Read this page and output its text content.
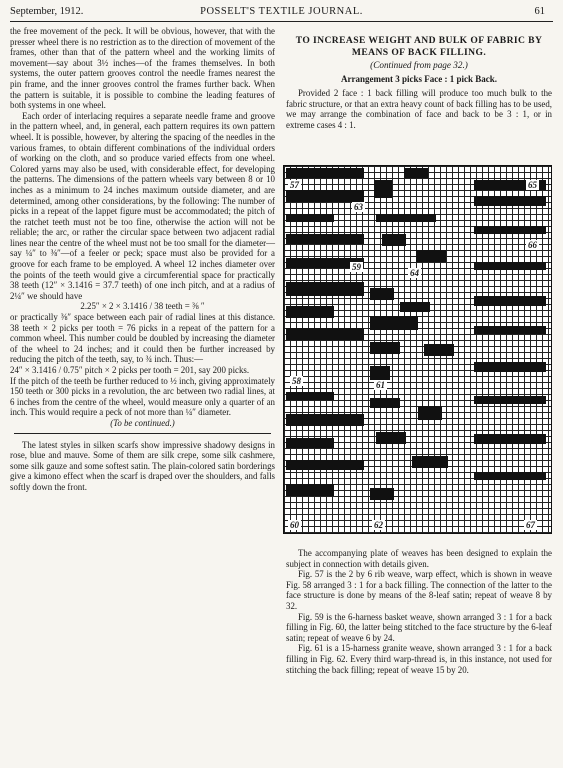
September, 1912.	POSSELT'S TEXTILE JOURNAL.	61

the free movement of the peck. It will be obvious, however, that with the presser wheel there is no restriction as to the direction of movement of the frames, other than that of the pattern wheel and the working limits of movement—say about 3½ inches—of the frames themselves. In both systems, the outer pattern grooves control the needle frames nearest the pin frame, and the inner grooves control the frames further back. When the pattern is suitable, it is possible to combine the leading features of both systems in one wheel.

Each order of interlacing requires a separate needle frame and groove in the pattern wheel, and, in general, each pattern requires its own pattern wheel. It is possible, however, by altering the spacing of the needles in the various frames, to obtain different combinations of the individual orders of working on the cloth, and so produce varied effects from one wheel. Colored yarns may also be used, with considerable effect, for developing the patterns. The dimensions of the pattern wheels vary between 8 or 10 inches as a minimum to 24 inches maximum outside diameter, and are determined, among other considerations, by the following: The number of picks in a repeat of the lappet figure must be accommodated; the pitch of the ratchet teeth must not be too fine, otherwise the action will not be reliable; the arc, or rather the circular space between two adjacent radial lines near the centre of the wheel must not be too small for the diameter—say ¼″ to ⅜″—of a feeler or peck; space must also be provided for a groove for each frame to be employed. A wheel 12 inches diameter over the points of the teeth would give a circumferential space for practically 38 teeth (12″ × 3.1416 = 37.7 teeth) of one inch pitch, and at a radius of 2¼″ we should have

2.25″ × 2 × 3.1416 / 38 teeth = ⅜ ″

or practically ⅜″ space between each pair of radial lines at this distance. 38 teeth × 2 picks per tooth = 76 picks in a repeat of the pattern for a common wheel. This number could be doubled by increasing the diameter of the wheel to 24 inches; and it could then be further increased by reducing the pitch of the teeth, say, to ¾ inch. Thus:—

24″ × 3.1416 / 0.75″ pitch × 2 picks per tooth = 201, say 200 picks.

If the pitch of the teeth be further reduced to ½ inch, giving approximately 150 teeth or 300 picks in a revolution, the arc between two radial lines, at 6 inches from the centre of the wheel, would measure only a quarter of an inch. This would require a peck of not more than ¼″ diameter.

(To be continued.)

The latest styles in silken scarfs show impressive shadowy designs in rose, blue and mauve. Some of them are silk crepe, some silk cashmere, some silk gauze and some softest satin. The plain-colored satin borderings give a kimono effect when the scarf is draped over the shoulders, and falls softly down the front.

TO INCREASE WEIGHT AND BULK OF FABRIC BY MEANS OF BACK FILLING.
(Continued from page 32.)
Arrangement 3 picks Face : 1 pick Back.

Provided 2 face : 1 back filling will produce too much bulk to the fabric structure, or that an extra heavy count of back filling has to be used, we may arrange the combination of face and back to be 3 : 1, or in extreme cases 4 : 1.

57
63
65
66
59
64
58	61
60	62	67

The accompanying plate of weaves has been designed to explain the subject in connection with details given.

Fig. 57 is the 2 by 6 rib weave, warp effect, which is shown in weave Fig. 58 arranged 3 : 1 for a back filling. The connection of the latter to the face structure is done by means of the 8-leaf satin; repeat of weave 8 by 32.

Fig. 59 is the 6-harness basket weave, shown arranged 3 : 1 for a back filling in Fig. 60, the latter being stitched to the face structure by the 6-leaf satin; repeat of weave 6 by 24.

Fig. 61 is a 15-harness granite weave, shown arranged 3 : 1 for a back filling in Fig. 62. Every third warp-thread is, in this instance, not used for stitching the back filling; repeat of weave 15 by 20.
